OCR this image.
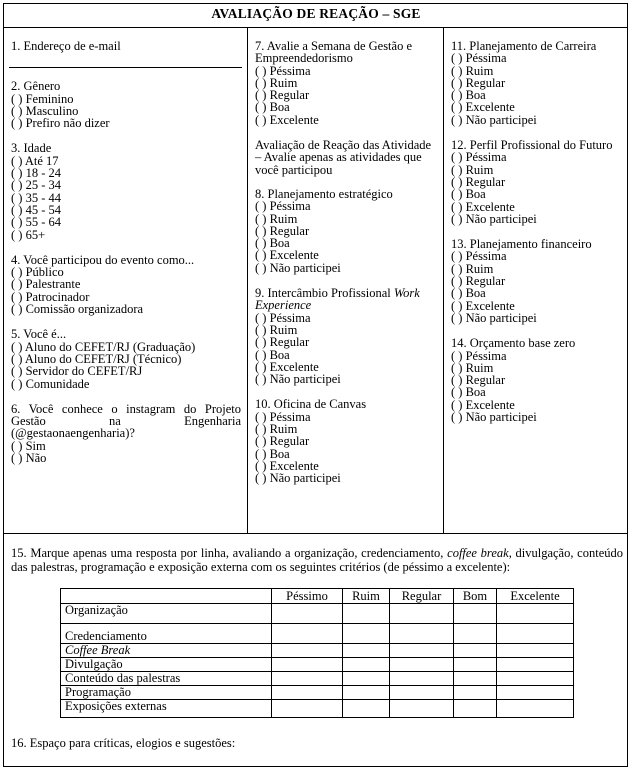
AVALIAÇÃO DE REAÇÃO – SGE

1. Endereço de e-mail

2. Gênero

( ) Feminino

( ) Masculino

( ) Prefiro não dizer

3. Idade

( ) Até 17

( ) 18 - 24

( ) 25 - 34

( ) 35 - 44

( ) 45 - 54

( ) 55 - 64

( ) 65+

4. Você participou do evento como...

( ) Público

( ) Palestrante

( ) Patrocinador

( ) Comissão organizadora

5. Você é...

( ) Aluno do CEFET/RJ (Graduação)

( ) Aluno do CEFET/RJ (Técnico)

( ) Servidor do CEFET/RJ

( ) Comunidade

6. Você conhece o instagram do Projeto Gestão na Engenharia (@gestaonaengenharia)?

( ) Sim

( ) Não

7. Avalie a Semana de Gestão e Empreendedorismo

( ) Péssima

( ) Ruim

( ) Regular

( ) Boa

( ) Excelente

Avaliação de Reação das Atividade – Avalie apenas as atividades que você participou

8. Planejamento estratégico

( ) Péssima

( ) Ruim

( ) Regular

( ) Boa

( ) Excelente

( ) Não participei

9. Intercâmbio Profissional Work Experience

( ) Péssima

( ) Ruim

( ) Regular

( ) Boa

( ) Excelente

( ) Não participei

10. Oficina de Canvas

( ) Péssima

( ) Ruim

( ) Regular

( ) Boa

( ) Excelente

( ) Não participei

11. Planejamento de Carreira

( ) Péssima

( ) Ruim

( ) Regular

( ) Boa

( ) Excelente

( ) Não participei

12. Perfil Profissional do Futuro

( ) Péssima

( ) Ruim

( ) Regular

( ) Boa

( ) Excelente

( ) Não participei

13. Planejamento financeiro

( ) Péssima

( ) Ruim

( ) Regular

( ) Boa

( ) Excelente

( ) Não participei

14. Orçamento base zero

( ) Péssima

( ) Ruim

( ) Regular

( ) Boa

( ) Excelente

( ) Não participei

15. Marque apenas uma resposta por linha, avaliando a organização, credenciamento, coffee break, divulgação, conteúdo das palestras, programação e exposição externa com os seguintes critérios (de péssimo a excelente):
	Péssimo	Ruim	Regular	Bom	Excelente
Organização					
Credenciamento					
Coffee Break					
Divulgação					
Conteúdo das palestras					
Programação					
Exposições externas					
16. Espaço para críticas, elogios e sugestões:
